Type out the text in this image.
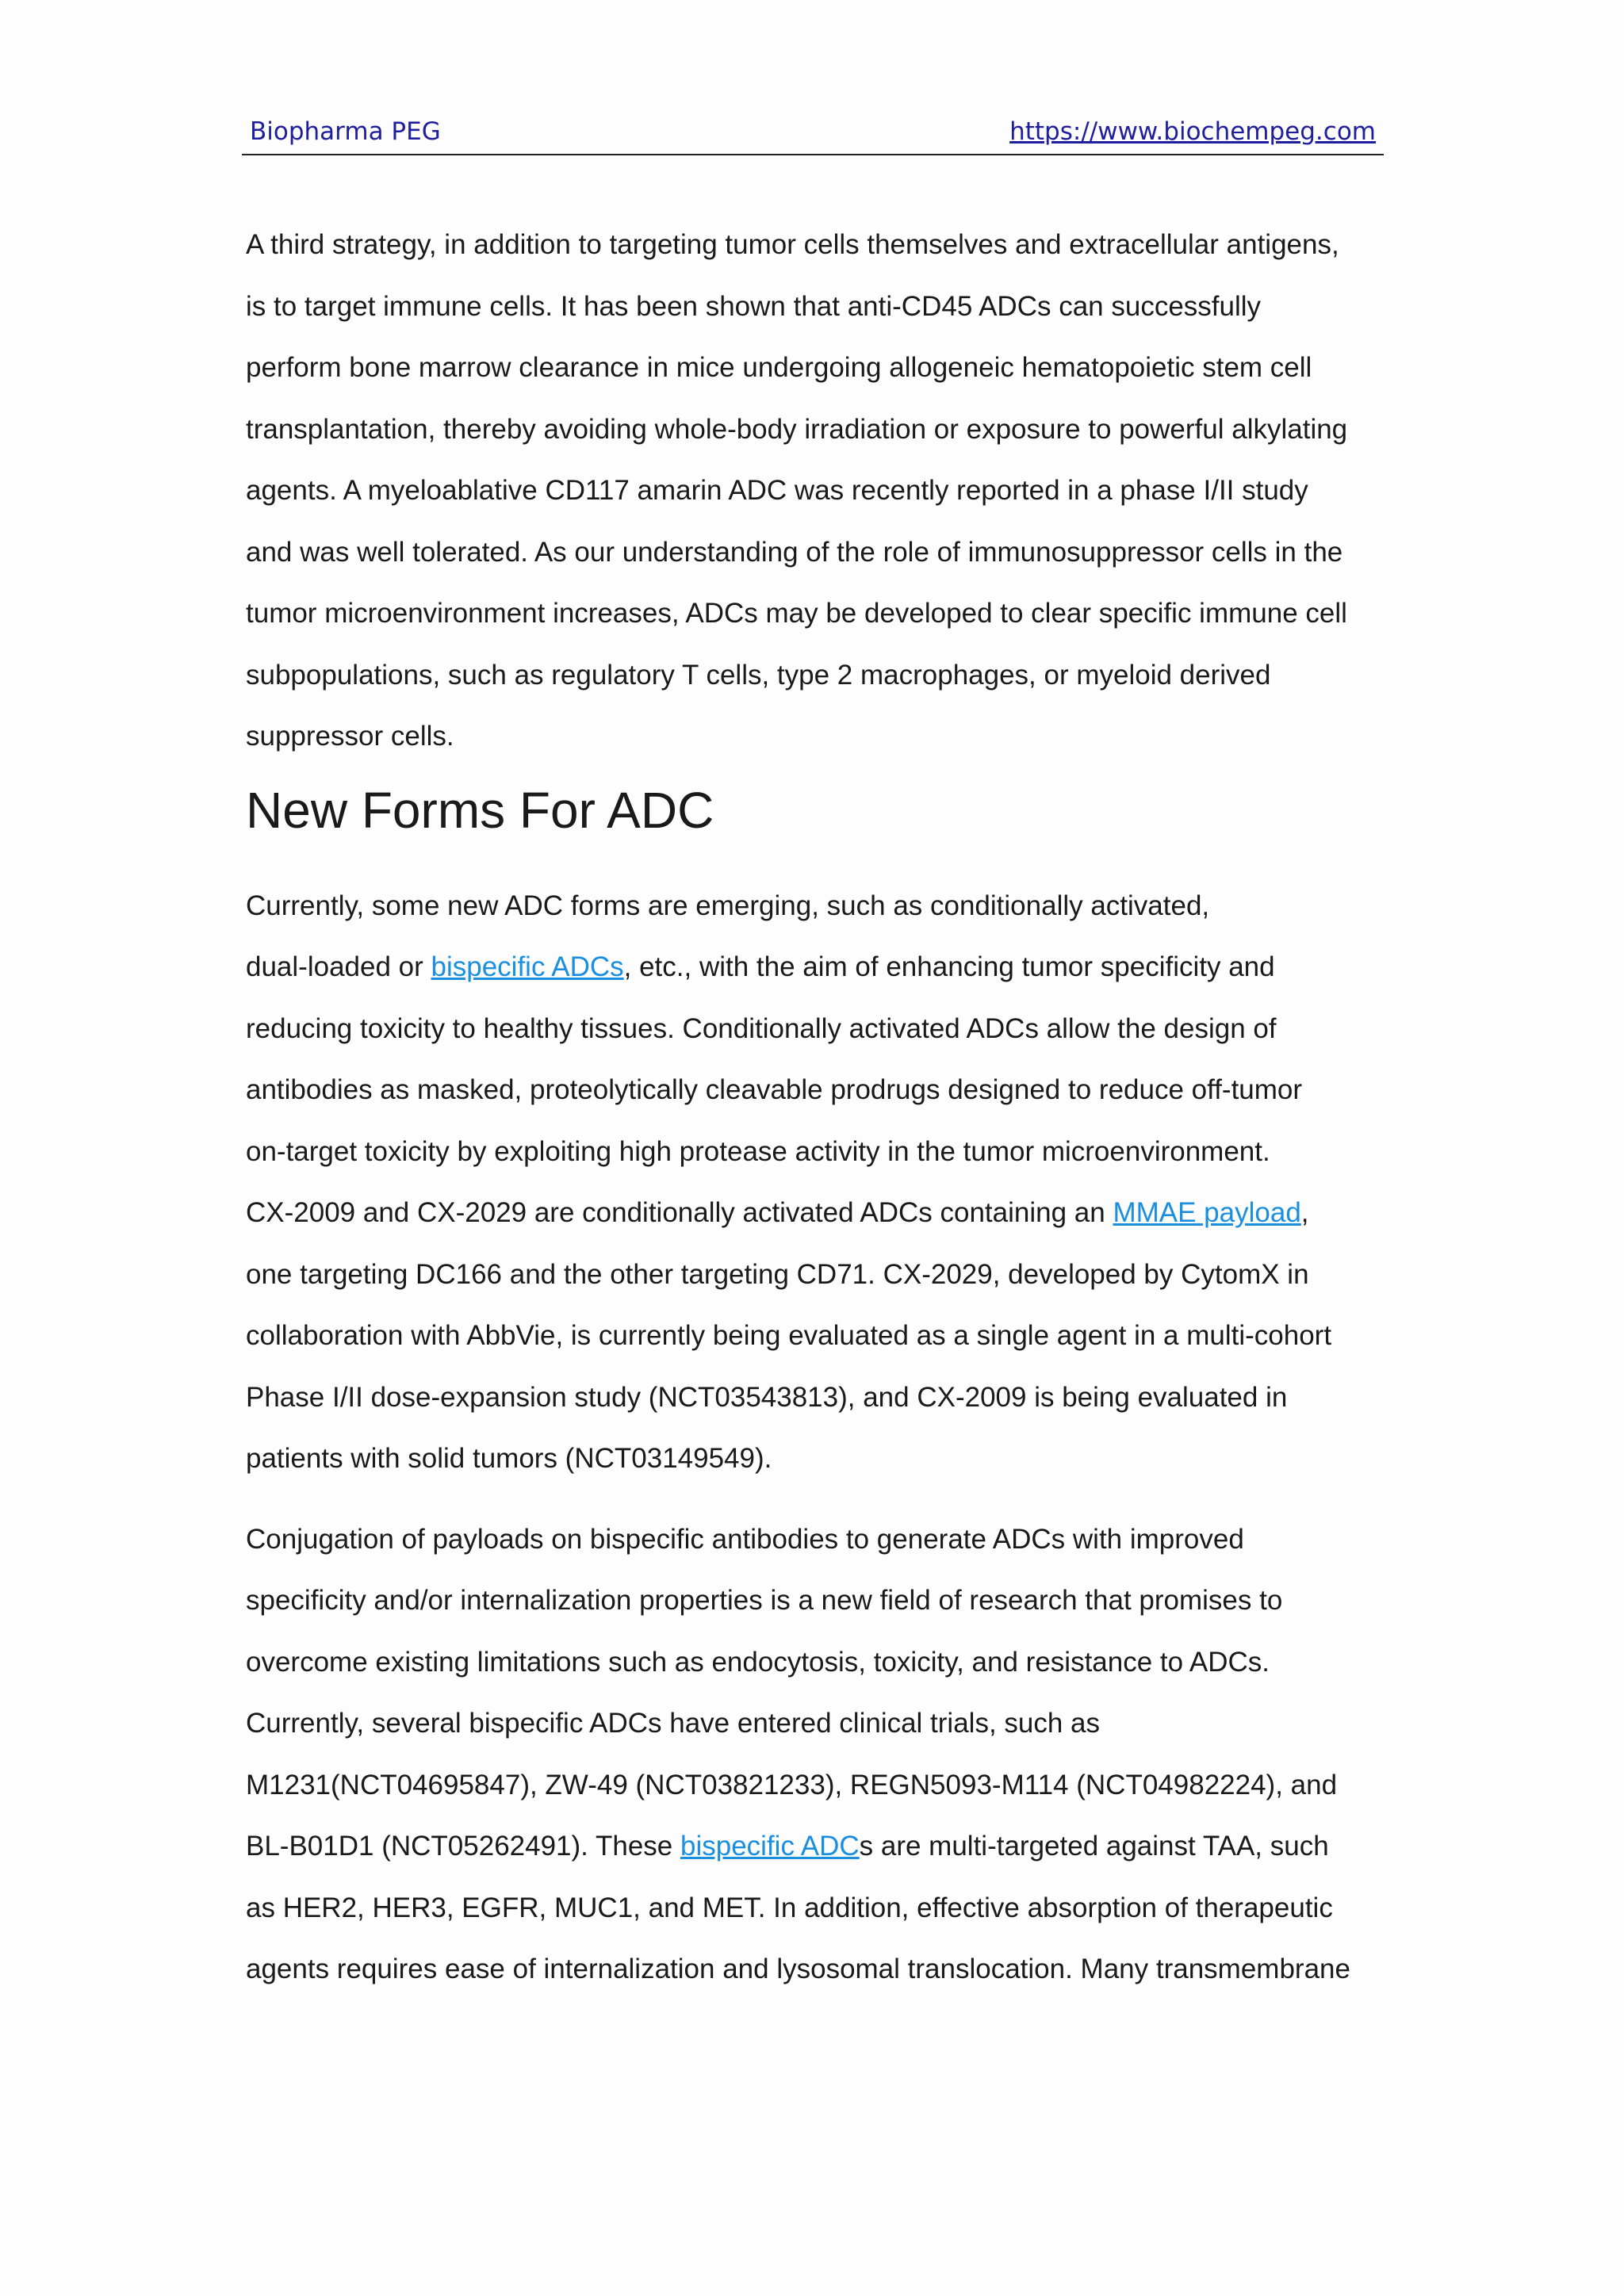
Biopharma PEG	https://www.biochempeg.com
A third strategy, in addition to targeting tumor cells themselves and extracellular antigens,
is to target immune cells. It has been shown that anti-CD45 ADCs can successfully
perform bone marrow clearance in mice undergoing allogeneic hematopoietic stem cell
transplantation, thereby avoiding whole-body irradiation or exposure to powerful alkylating
agents. A myeloablative CD117 amarin ADC was recently reported in a phase I/II study
and was well tolerated. As our understanding of the role of immunosuppressor cells in the
tumor microenvironment increases, ADCs may be developed to clear specific immune cell
subpopulations, such as regulatory T cells, type 2 macrophages, or myeloid derived
suppressor cells.
New Forms For ADC
Currently, some new ADC forms are emerging, such as conditionally activated,
dual-loaded or bispecific ADCs, etc., with the aim of enhancing tumor specificity and
reducing toxicity to healthy tissues. Conditionally activated ADCs allow the design of
antibodies as masked, proteolytically cleavable prodrugs designed to reduce off-tumor
on-target toxicity by exploiting high protease activity in the tumor microenvironment.
CX-2009 and CX-2029 are conditionally activated ADCs containing an MMAE payload,
one targeting DC166 and the other targeting CD71. CX-2029, developed by CytomX in
collaboration with AbbVie, is currently being evaluated as a single agent in a multi-cohort
Phase I/II dose-expansion study (NCT03543813), and CX-2009 is being evaluated in
patients with solid tumors (NCT03149549).
Conjugation of payloads on bispecific antibodies to generate ADCs with improved
specificity and/or internalization properties is a new field of research that promises to
overcome existing limitations such as endocytosis, toxicity, and resistance to ADCs.
Currently, several bispecific ADCs have entered clinical trials, such as
M1231(NCT04695847), ZW-49 (NCT03821233), REGN5093-M114 (NCT04982224), and
BL-B01D1 (NCT05262491). These bispecific ADCs are multi-targeted against TAA, such
as HER2, HER3, EGFR, MUC1, and MET. In addition, effective absorption of therapeutic
agents requires ease of internalization and lysosomal translocation. Many transmembrane
